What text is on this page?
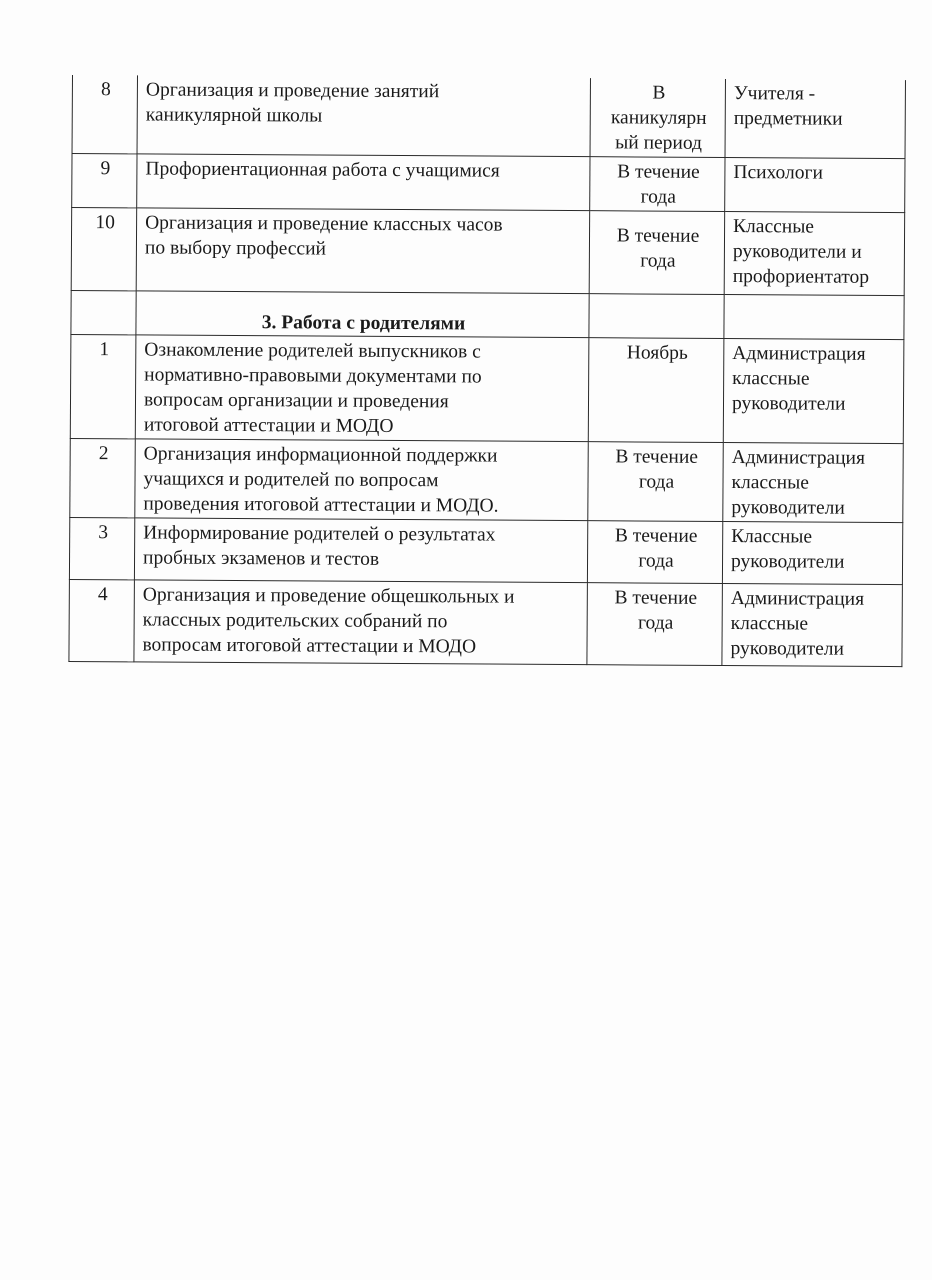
8	Организация и проведение занятий
каникулярной школы	В
каникулярн
ый период	Учителя -
предметники

9	Профориентационная работа с учащимися	В течение
года	Психологи

10	Организация и проведение классных часов
по выбору профессий	В течение
года	Классные
руководители и
профориентатор

	3. Работа с родителями		
1	Ознакомление родителей выпускников с
нормативно-правовыми документами по
вопросам организации и проведения
итоговой аттестации и МОДО	Ноябрь	Администрация
классные
руководители

2	Организация информационной поддержки
учащихся и родителей по вопросам
проведения итоговой аттестации и МОДО.	В течение
года	Администрация
классные
руководители

3	Информирование родителей о результатах
пробных экзаменов и тестов	В течение
года	Классные
руководители

4	Организация и проведение общешкольных и
классных родительских собраний по
вопросам итоговой аттестации и МОДО	В течение
года	Администрация
классные
руководители
